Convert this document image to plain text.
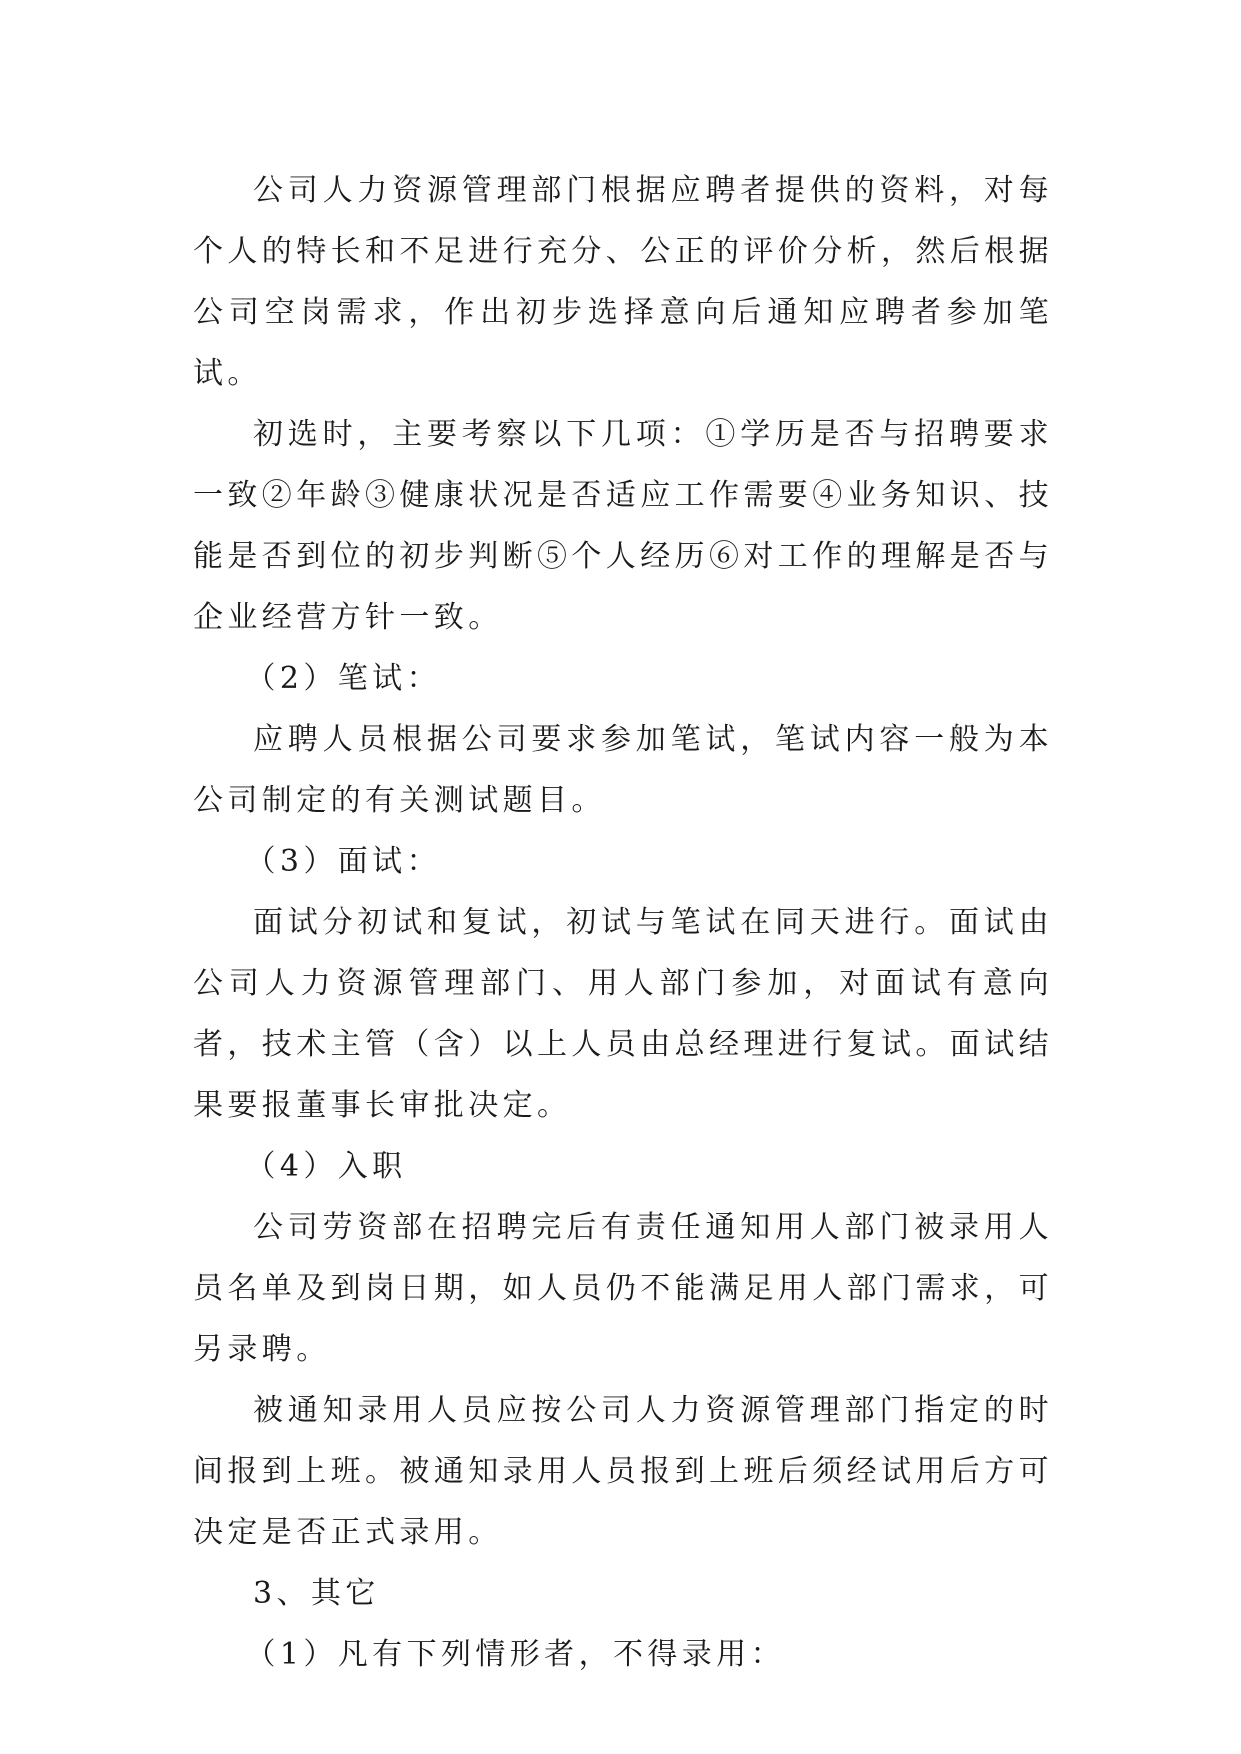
公司人力资源管理部门根据应聘者提供的资料，对每个人的特长和不足进行充分、公正的评价分析，然后根据公司空岗需求，作出初步选择意向后通知应聘者参加笔试。

初选时，主要考察以下几项：①学历是否与招聘要求一致②年龄③健康状况是否适应工作需要④业务知识、技能是否到位的初步判断⑤个人经历⑥对工作的理解是否与企业经营方针一致。

（2）笔试：

应聘人员根据公司要求参加笔试，笔试内容一般为本公司制定的有关测试题目。

（3）面试：

面试分初试和复试，初试与笔试在同天进行。面试由公司人力资源管理部门、用人部门参加，对面试有意向者，技术主管（含）以上人员由总经理进行复试。面试结果要报董事长审批决定。

（4）入职

公司劳资部在招聘完后有责任通知用人部门被录用人员名单及到岗日期，如人员仍不能满足用人部门需求，可另录聘。

被通知录用人员应按公司人力资源管理部门指定的时间报到上班。被通知录用人员报到上班后须经试用后方可决定是否正式录用。

3、其它

（1）凡有下列情形者，不得录用：
